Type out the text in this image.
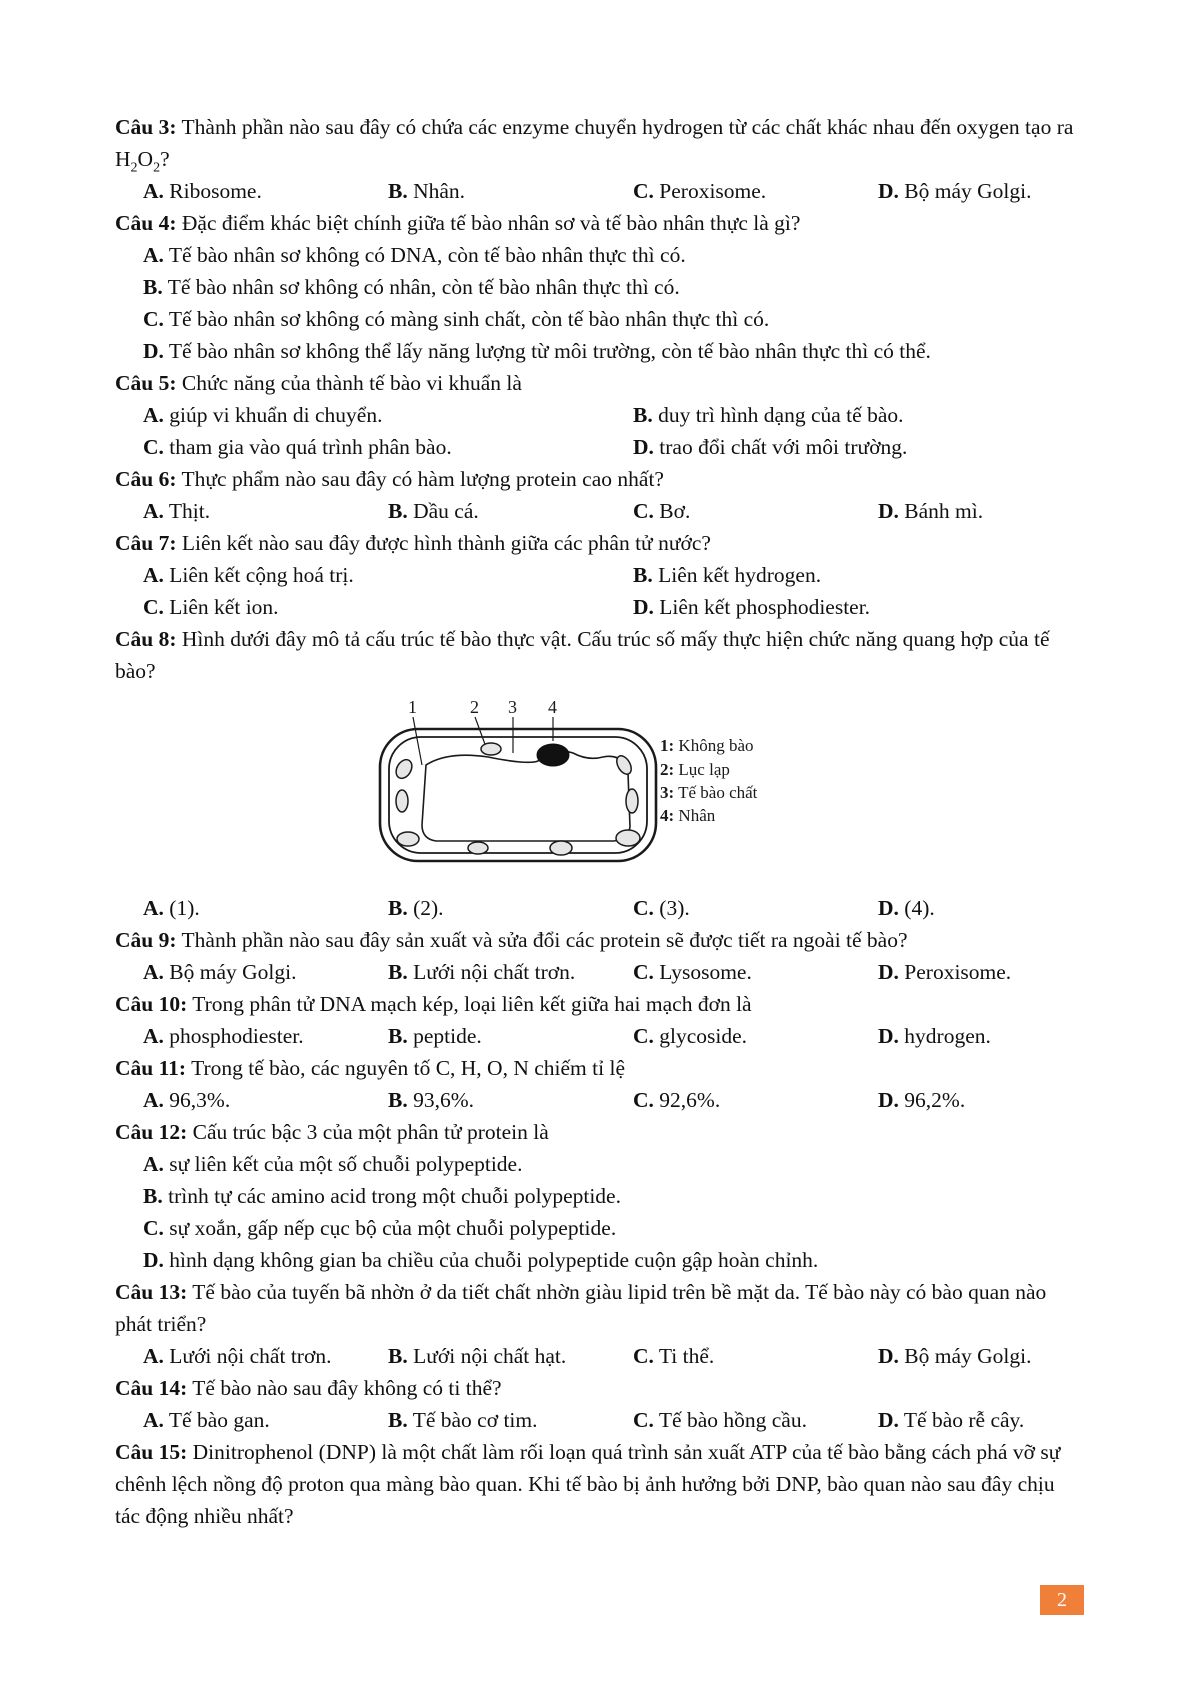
Câu 3: Thành phần nào sau đây có chứa các enzyme chuyển hydrogen từ các chất khác nhau đến oxygen tạo ra $H_2O_2$?

A. Ribosome.	B. Nhân.	C. Peroxisome.	D. Bộ máy Golgi.

Câu 4: Đặc điểm khác biệt chính giữa tế bào nhân sơ và tế bào nhân thực là gì?

A. Tế bào nhân sơ không có DNA, còn tế bào nhân thực thì có.
B. Tế bào nhân sơ không có nhân, còn tế bào nhân thực thì có.
C. Tế bào nhân sơ không có màng sinh chất, còn tế bào nhân thực thì có.
D. Tế bào nhân sơ không thể lấy năng lượng từ môi trường, còn tế bào nhân thực thì có thể.

Câu 5: Chức năng của thành tế bào vi khuẩn là

A. giúp vi khuẩn di chuyển.	B. duy trì hình dạng của tế bào.
C. tham gia vào quá trình phân bào.	D. trao đổi chất với môi trường.

Câu 6: Thực phẩm nào sau đây có hàm lượng protein cao nhất?

A. Thịt.	B. Dầu cá.	C. Bơ.	D. Bánh mì.

Câu 7: Liên kết nào sau đây được hình thành giữa các phân tử nước?

A. Liên kết cộng hoá trị.	B. Liên kết hydrogen.
C. Liên kết ion.	D. Liên kết phosphodiester.

Câu 8: Hình dưới đây mô tả cấu trúc tế bào thực vật. Cấu trúc số mấy thực hiện chức năng quang hợp của tế bào?

1	2 3 4
1: Không bào
2: Lục lạp
3: Tế bào chất
4: Nhân
A. (1).	B. (2).	C. (3).	D. (4).

Câu 9: Thành phần nào sau đây sản xuất và sửa đổi các protein sẽ được tiết ra ngoài tế bào?

A. Bộ máy Golgi.	B. Lưới nội chất trơn.	C. Lysosome.	D. Peroxisome.

Câu 10: Trong phân tử DNA mạch kép, loại liên kết giữa hai mạch đơn là

A. phosphodiester.	B. peptide.	C. glycoside.	D. hydrogen.

Câu 11: Trong tế bào, các nguyên tố C, H, O, N chiếm tỉ lệ

A. 96,3%.	B. 93,6%.	C. 92,6%.	D. 96,2%.

Câu 12: Cấu trúc bậc 3 của một phân tử protein là

A. sự liên kết của một số chuỗi polypeptide.
B. trình tự các amino acid trong một chuỗi polypeptide.
C. sự xoắn, gấp nếp cục bộ của một chuỗi polypeptide.
D. hình dạng không gian ba chiều của chuỗi polypeptide cuộn gập hoàn chỉnh.

Câu 13: Tế bào của tuyến bã nhờn ở da tiết chất nhờn giàu lipid trên bề mặt da. Tế bào này có bào quan nào phát triển?

A. Lưới nội chất trơn.	B. Lưới nội chất hạt.	C. Ti thể.	D. Bộ máy Golgi.

Câu 14: Tế bào nào sau đây không có ti thể?

A. Tế bào gan.	B. Tế bào cơ tim.	C. Tế bào hồng cầu.	D. Tế bào rễ cây.

Câu 15: Dinitrophenol (DNP) là một chất làm rối loạn quá trình sản xuất ATP của tế bào bằng cách phá vỡ sự chênh lệch nồng độ proton qua màng bào quan. Khi tế bào bị ảnh hưởng bởi DNP, bào quan nào sau đây chịu tác động nhiều nhất?

2
